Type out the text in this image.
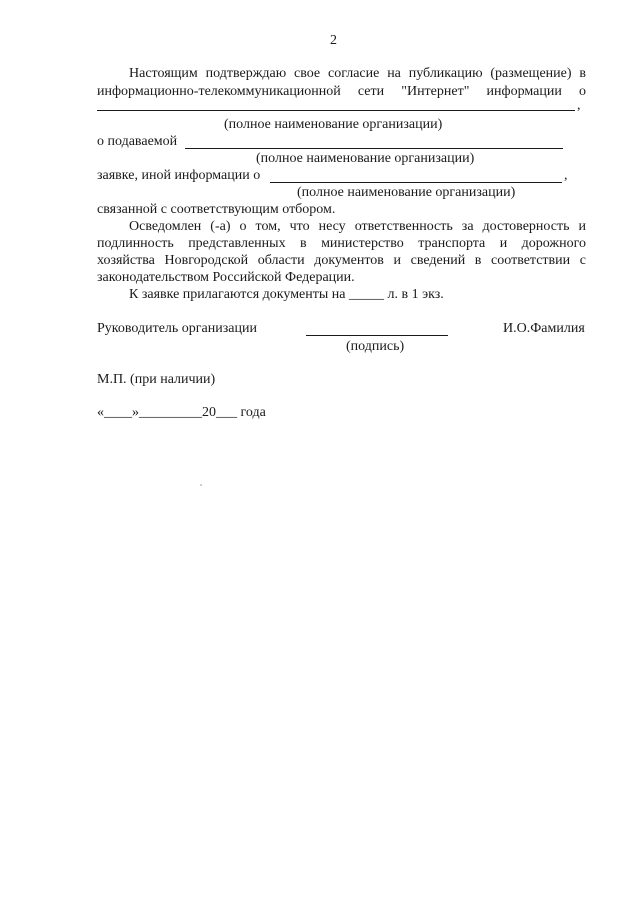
2
Настоящим подтверждаю свое согласие на публикацию (размещение) в
информационно-телекоммуникационной сети "Интернет" информации о
,
(полное наименование организации)
о подаваемой
(полное наименование организации)
заявке, иной информации о	,
(полное наименование организации)
связанной с соответствующим отбором.
Осведомлен (-а) о том, что несу ответственность за достоверность и
подлинность представленных в министерство транспорта и дорожного
хозяйства Новгородской области документов и сведений в соответствии с
законодательством Российской Федерации.
К заявке прилагаются документы на _____ л. в 1 экз.
Руководитель организации
(подпись)
И.О.Фамилия
М.П. (при наличии)
«____»_________20___ года
